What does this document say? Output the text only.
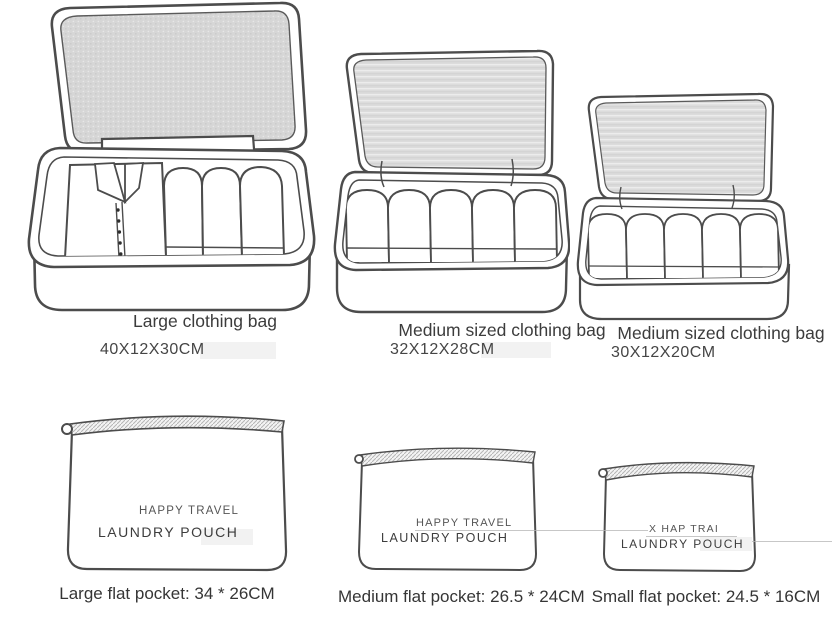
Large clothing bag
40X12X30CM
Medium sized clothing bag
32X12X28CM
Medium sized clothing bag
30X12X20CM
HAPPY TRAVEL
LAUNDRY POUCH
HAPPY TRAVEL
LAUNDRY POUCH
X HAP TRAI
LAUNDRY POUCH
Large flat pocket: 34 * 26CM	Medium flat pocket: 26.5 * 24CM Small flat pocket: 24.5 * 16CM
